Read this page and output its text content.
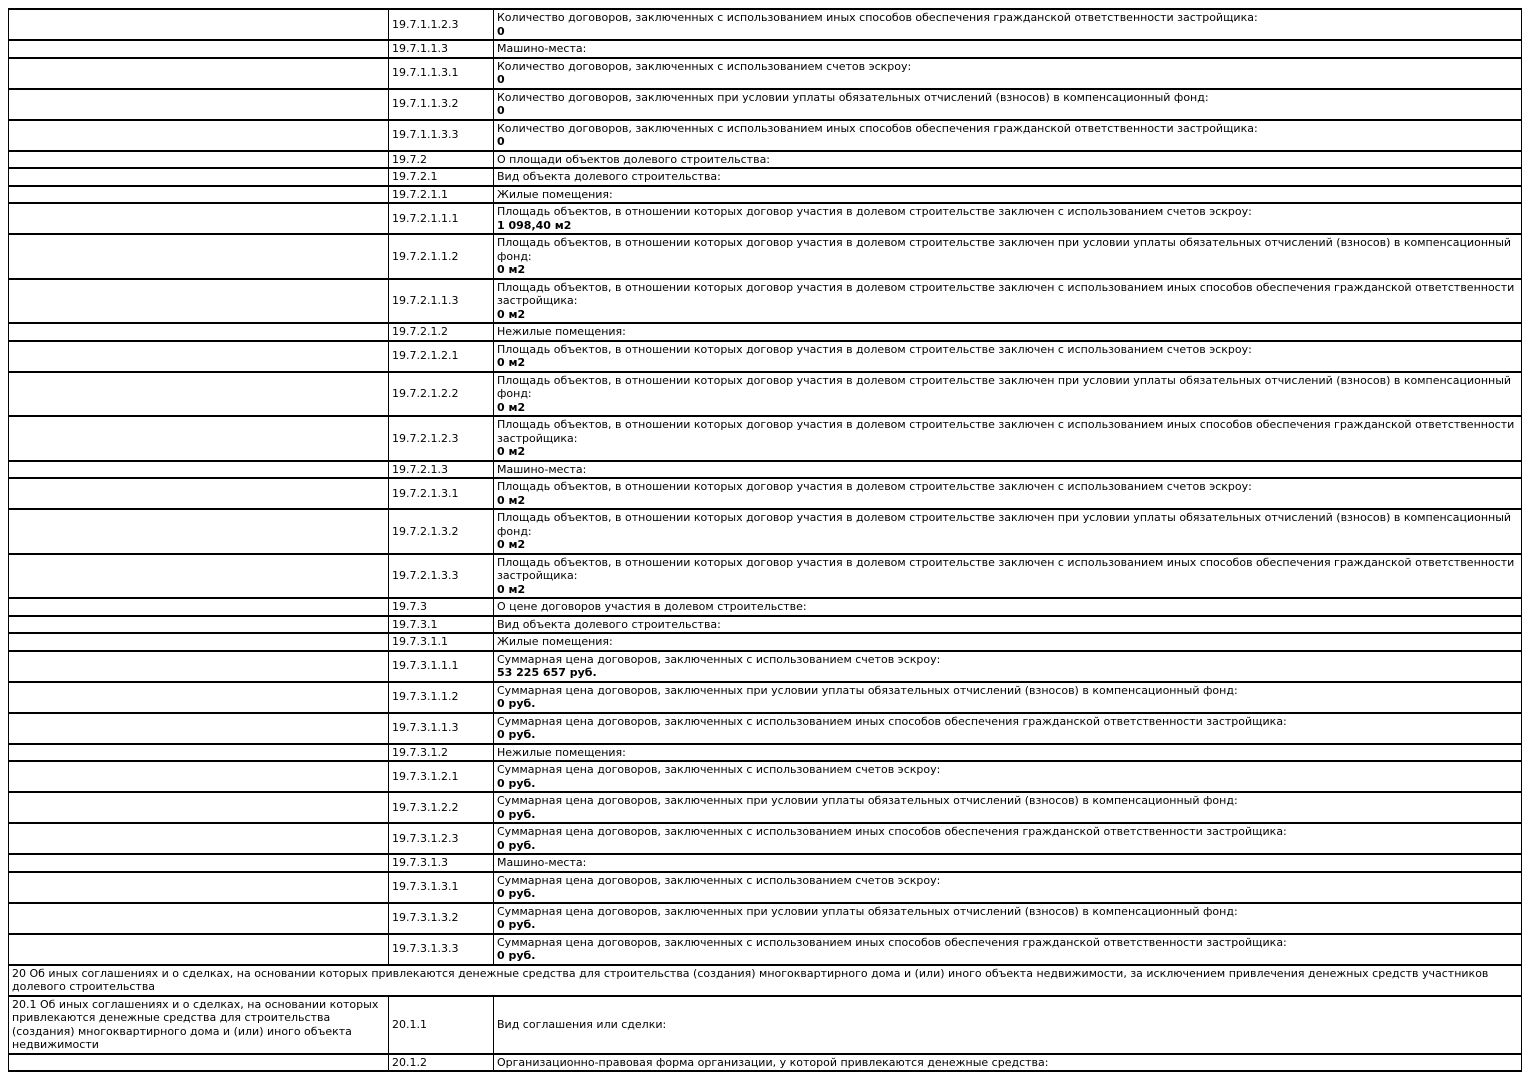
	19.7.1.1.2.3	Количество договоров, заключенных с использованием иных способов обеспечения гражданской ответственности застройщика:
0

	19.7.1.1.3	Машино-места:

	19.7.1.1.3.1	Количество договоров, заключенных с использованием счетов эскроу:
0

	19.7.1.1.3.2	Количество договоров, заключенных при условии уплаты обязательных отчислений (взносов) в компенсационный фонд:
0

	19.7.1.1.3.3	Количество договоров, заключенных с использованием иных способов обеспечения гражданской ответственности застройщика:
0

	19.7.2	О площади объектов долевого строительства:

	19.7.2.1	Вид объекта долевого строительства:

	19.7.2.1.1	Жилые помещения:

	19.7.2.1.1.1	Площадь объектов, в отношении которых договор участия в долевом строительстве заключен с использованием счетов эскроу:
1 098,40 м2

	19.7.2.1.1.2	Площадь объектов, в отношении которых договор участия в долевом строительстве заключен при условии уплаты обязательных отчислений (взносов) в компенсационный фонд:
0 м2

	19.7.2.1.1.3	Площадь объектов, в отношении которых договор участия в долевом строительстве заключен с использованием иных способов обеспечения гражданской ответственности застройщика:
0 м2

	19.7.2.1.2	Нежилые помещения:

	19.7.2.1.2.1	Площадь объектов, в отношении которых договор участия в долевом строительстве заключен с использованием счетов эскроу:
0 м2

	19.7.2.1.2.2	Площадь объектов, в отношении которых договор участия в долевом строительстве заключен при условии уплаты обязательных отчислений (взносов) в компенсационный фонд:
0 м2

	19.7.2.1.2.3	Площадь объектов, в отношении которых договор участия в долевом строительстве заключен с использованием иных способов обеспечения гражданской ответственности застройщика:
0 м2

	19.7.2.1.3	Машино-места:

	19.7.2.1.3.1	Площадь объектов, в отношении которых договор участия в долевом строительстве заключен с использованием счетов эскроу:
0 м2

	19.7.2.1.3.2	Площадь объектов, в отношении которых договор участия в долевом строительстве заключен при условии уплаты обязательных отчислений (взносов) в компенсационный фонд:
0 м2

	19.7.2.1.3.3	Площадь объектов, в отношении которых договор участия в долевом строительстве заключен с использованием иных способов обеспечения гражданской ответственности застройщика:
0 м2

	19.7.3	О цене договоров участия в долевом строительстве:

	19.7.3.1	Вид объекта долевого строительства:

	19.7.3.1.1	Жилые помещения:

	19.7.3.1.1.1	Суммарная цена договоров, заключенных с использованием счетов эскроу:
53 225 657 руб.

	19.7.3.1.1.2	Суммарная цена договоров, заключенных при условии уплаты обязательных отчислений (взносов) в компенсационный фонд:
0 руб.

	19.7.3.1.1.3	Суммарная цена договоров, заключенных с использованием иных способов обеспечения гражданской ответственности застройщика:
0 руб.

	19.7.3.1.2	Нежилые помещения:

	19.7.3.1.2.1	Суммарная цена договоров, заключенных с использованием счетов эскроу:
0 руб.

	19.7.3.1.2.2	Суммарная цена договоров, заключенных при условии уплаты обязательных отчислений (взносов) в компенсационный фонд:
0 руб.

	19.7.3.1.2.3	Суммарная цена договоров, заключенных с использованием иных способов обеспечения гражданской ответственности застройщика:
0 руб.

	19.7.3.1.3	Машино-места:

	19.7.3.1.3.1	Суммарная цена договоров, заключенных с использованием счетов эскроу:
0 руб.

	19.7.3.1.3.2	Суммарная цена договоров, заключенных при условии уплаты обязательных отчислений (взносов) в компенсационный фонд:
0 руб.

	19.7.3.1.3.3	Суммарная цена договоров, заключенных с использованием иных способов обеспечения гражданской ответственности застройщика:
0 руб.

20 Об иных соглашениях и о сделках, на основании которых привлекаются денежные средства для строительства (создания) многоквартирного дома и (или) иного объекта недвижимости, за исключением привлечения денежных средств участников долевого строительства		
20.1 Об иных соглашениях и о сделках, на основании которых привлекаются денежные средства для строительства (создания) многоквартирного дома и (или) иного объекта недвижимости	20.1.1	Вид соглашения или сделки:

	20.1.2	Организационно-правовая форма организации, у которой привлекаются денежные средства:
